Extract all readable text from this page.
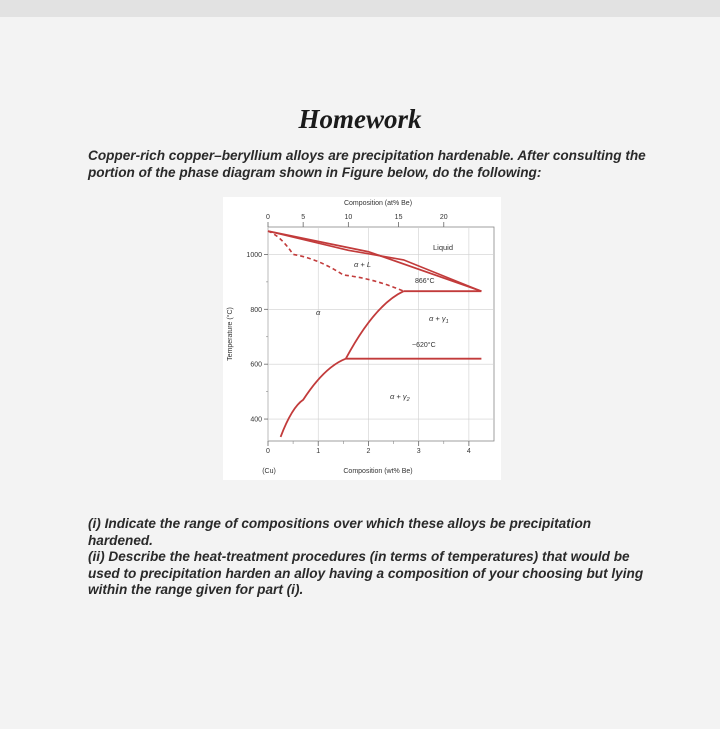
Homework
Copper-rich copper–beryllium alloys are precipitation hardenable. After consulting the portion of the phase diagram shown in Figure below, do the following:
0	1	2	3	4
1000
800
600
400
0	5	10	15	20
Composition (at% Be)
Composition (wt% Be)
(Cu)
Temperature (°C)
Liquid
α + L
α
$\alpha + \gamma_1$
$\alpha + \gamma_2$
866°C
~620°C

(i) Indicate the range of compositions over which these alloys be precipitation hardened.

(ii) Describe the heat-treatment procedures (in terms of temperatures) that would be used to precipitation harden an alloy having a composition of your choosing but lying within the range given for part (i).
